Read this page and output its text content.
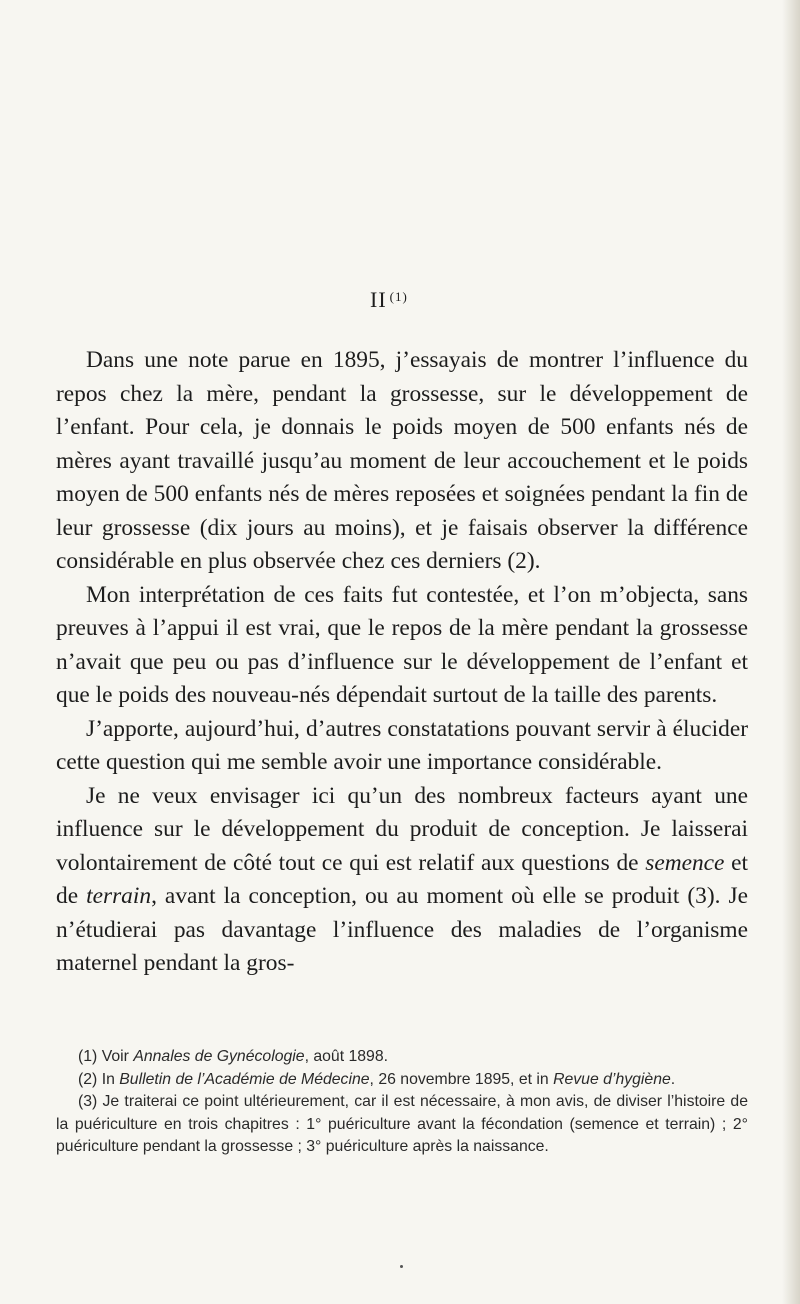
II $^{(1)}$

Dans une note parue en 1895, j’essayais de montrer l’influence du repos chez la mère, pendant la grossesse, sur le développement de l’enfant. Pour cela, je donnais le poids moyen de 500 enfants nés de mères ayant travaillé jusqu’au moment de leur accouchement et le poids moyen de 500 enfants nés de mères reposées et soignées pendant la fin de leur grossesse (dix jours au moins), et je faisais observer la différence considérable en plus observée chez ces derniers (2).

Mon interprétation de ces faits fut contestée, et l’on m’objecta, sans preuves à l’appui il est vrai, que le repos de la mère pendant la grossesse n’avait que peu ou pas d’influence sur le développement de l’enfant et que le poids des nouveau-nés dépendait surtout de la taille des parents.

J’apporte, aujourd’hui, d’autres constatations pouvant servir à élucider cette question qui me semble avoir une importance considérable.

Je ne veux envisager ici qu’un des nombreux facteurs ayant une influence sur le développement du produit de conception. Je laisserai volontairement de côté tout ce qui est relatif aux questions de semence et de terrain, avant la conception, ou au moment où elle se produit (3). Je n’étudierai pas davantage l’influence des maladies de l’organisme maternel pendant la gros-

(1) Voir Annales de Gynécologie, août 1898.

(2) In Bulletin de l’Académie de Médecine, 26 novembre 1895, et in Revue d’hygiène.

(3) Je traiterai ce point ultérieurement, car il est nécessaire, à mon avis, de diviser l’histoire de la puériculture en trois chapitres : 1° puériculture avant la fécondation (semence et terrain) ; 2° puériculture pendant la grossesse ; 3° puériculture après la naissance.
